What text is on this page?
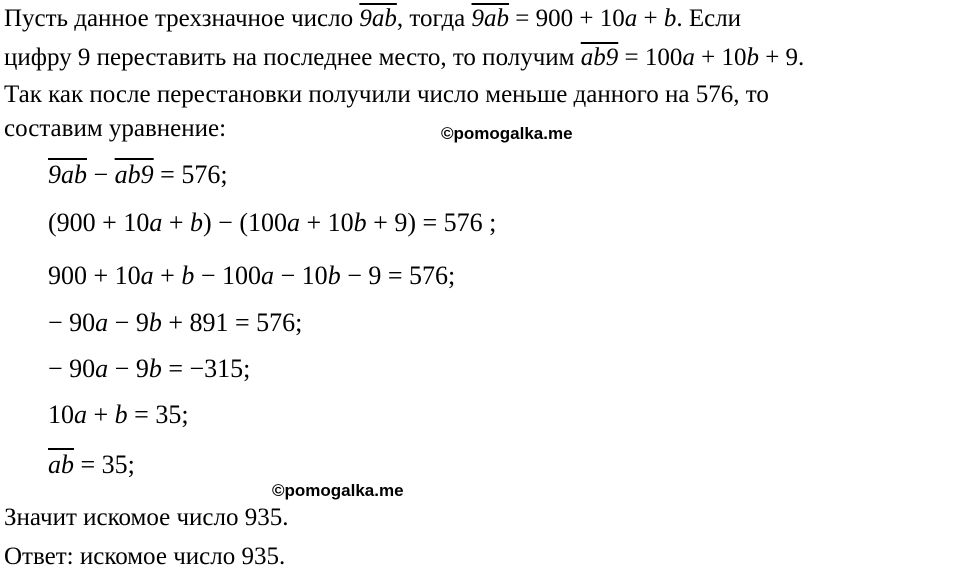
Пусть данное трехзначное число 9ab, тогда 9ab = 900 + 10a + b. Если
цифру 9 переставить на последнее место, то получим ab9 = 100a + 10b + 9.
Так как после перестановки получили число меньше данного на 576, то
составим уравнение:	©pomogalka.me
9ab − ab9 = 576;
(900 + 10a + b) − (100a + 10b + 9) = 576 ;
900 + 10a + b − 100a − 10b − 9 = 576;
− 90a − 9b + 891 = 576;
− 90a − 9b = −315;
10a + b = 35;
$\overline{ab} = 35$;
©pomogalka.me
Значит искомое число 935.
Ответ: искомое число 935.
